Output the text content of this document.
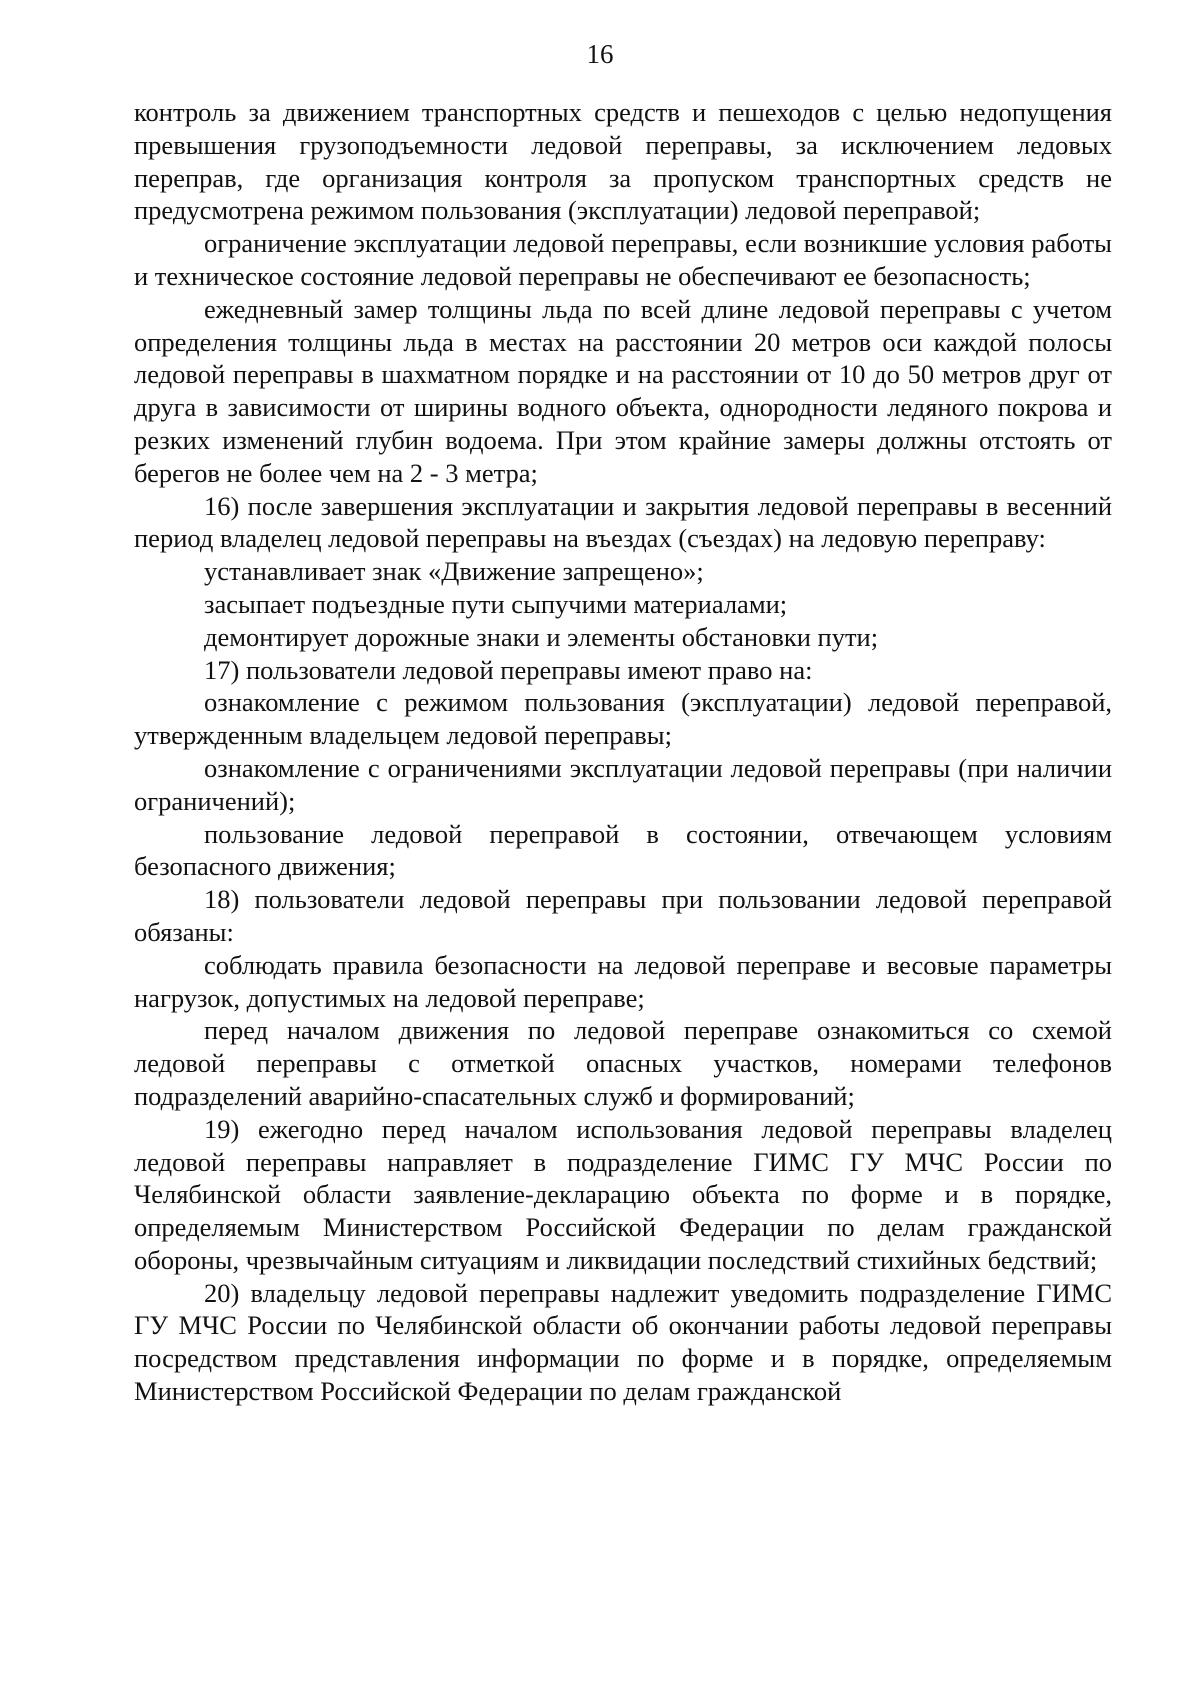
16

контроль за движением транспортных средств и пешеходов с целью недопущения превышения грузоподъемности ледовой переправы, за исключением ледовых переправ, где организация контроля за пропуском транспортных средств не предусмотрена режимом пользования (эксплуатации) ледовой переправой;

ограничение эксплуатации ледовой переправы, если возникшие условия работы и техническое состояние ледовой переправы не обеспечивают ее безопасность;

ежедневный замер толщины льда по всей длине ледовой переправы с учетом определения толщины льда в местах на расстоянии 20 метров оси каждой полосы ледовой переправы в шахматном порядке и на расстоянии от 10 до 50 метров друг от друга в зависимости от ширины водного объекта, однородности ледяного покрова и резких изменений глубин водоема. При этом крайние замеры должны отстоять от берегов не более чем на 2 - 3 метра;

16) после завершения эксплуатации и закрытия ледовой переправы в весенний период владелец ледовой переправы на въездах (съездах) на ледовую переправу:

устанавливает знак «Движение запрещено»;

засыпает подъездные пути сыпучими материалами;

демонтирует дорожные знаки и элементы обстановки пути;

17) пользователи ледовой переправы имеют право на:

ознакомление с режимом пользования (эксплуатации) ледовой переправой, утвержденным владельцем ледовой переправы;

ознакомление с ограничениями эксплуатации ледовой переправы (при наличии ограничений);

пользование ледовой переправой в состоянии, отвечающем условиям безопасного движения;

18) пользователи ледовой переправы при пользовании ледовой переправой обязаны:

соблюдать правила безопасности на ледовой переправе и весовые параметры нагрузок, допустимых на ледовой переправе;

перед началом движения по ледовой переправе ознакомиться со схемой ледовой переправы с отметкой опасных участков, номерами телефонов подразделений аварийно-спасательных служб и формирований;

19) ежегодно перед началом использования ледовой переправы владелец ледовой переправы направляет в подразделение ГИМС ГУ МЧС России по Челябинской области заявление-декларацию объекта по форме и в порядке, определяемым Министерством Российской Федерации по делам гражданской обороны, чрезвычайным ситуациям и ликвидации последствий стихийных бедствий;

20) владельцу ледовой переправы надлежит уведомить подразделение ГИМС ГУ МЧС России по Челябинской области об окончании работы ледовой переправы посредством представления информации по форме и в порядке, определяемым Министерством Российской Федерации по делам гражданской
